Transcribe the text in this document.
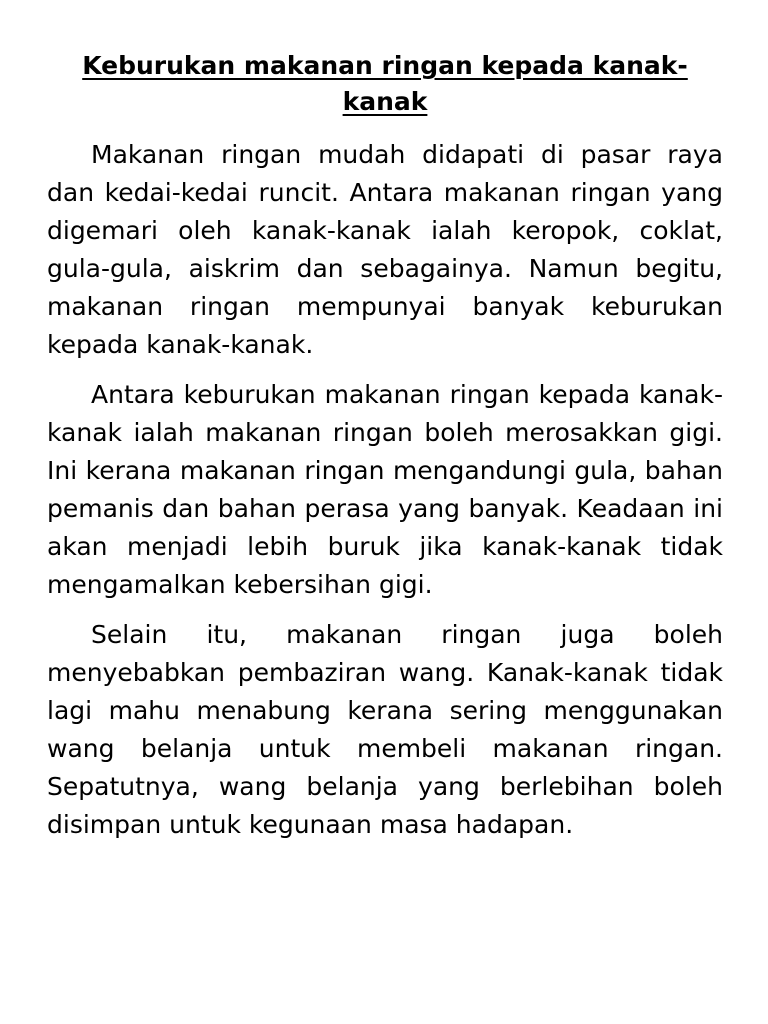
Keburukan makanan ringan kepada kanak-kanak

Makanan ringan mudah didapati di pasar raya dan kedai-kedai runcit. Antara makanan ringan yang digemari oleh kanak-kanak ialah keropok, coklat, gula-gula, aiskrim dan sebagainya. Namun begitu, makanan ringan mempunyai banyak keburukan kepada kanak-kanak.

Antara keburukan makanan ringan kepada kanak-kanak ialah makanan ringan boleh merosakkan gigi. Ini kerana makanan ringan mengandungi gula, bahan pemanis dan bahan perasa yang banyak. Keadaan ini akan menjadi lebih buruk jika kanak-kanak tidak mengamalkan kebersihan gigi.

Selain itu, makanan ringan juga boleh menyebabkan pembaziran wang. Kanak-kanak tidak lagi mahu menabung kerana sering menggunakan wang belanja untuk membeli makanan ringan. Sepatutnya, wang belanja yang berlebihan boleh disimpan untuk kegunaan masa hadapan.
